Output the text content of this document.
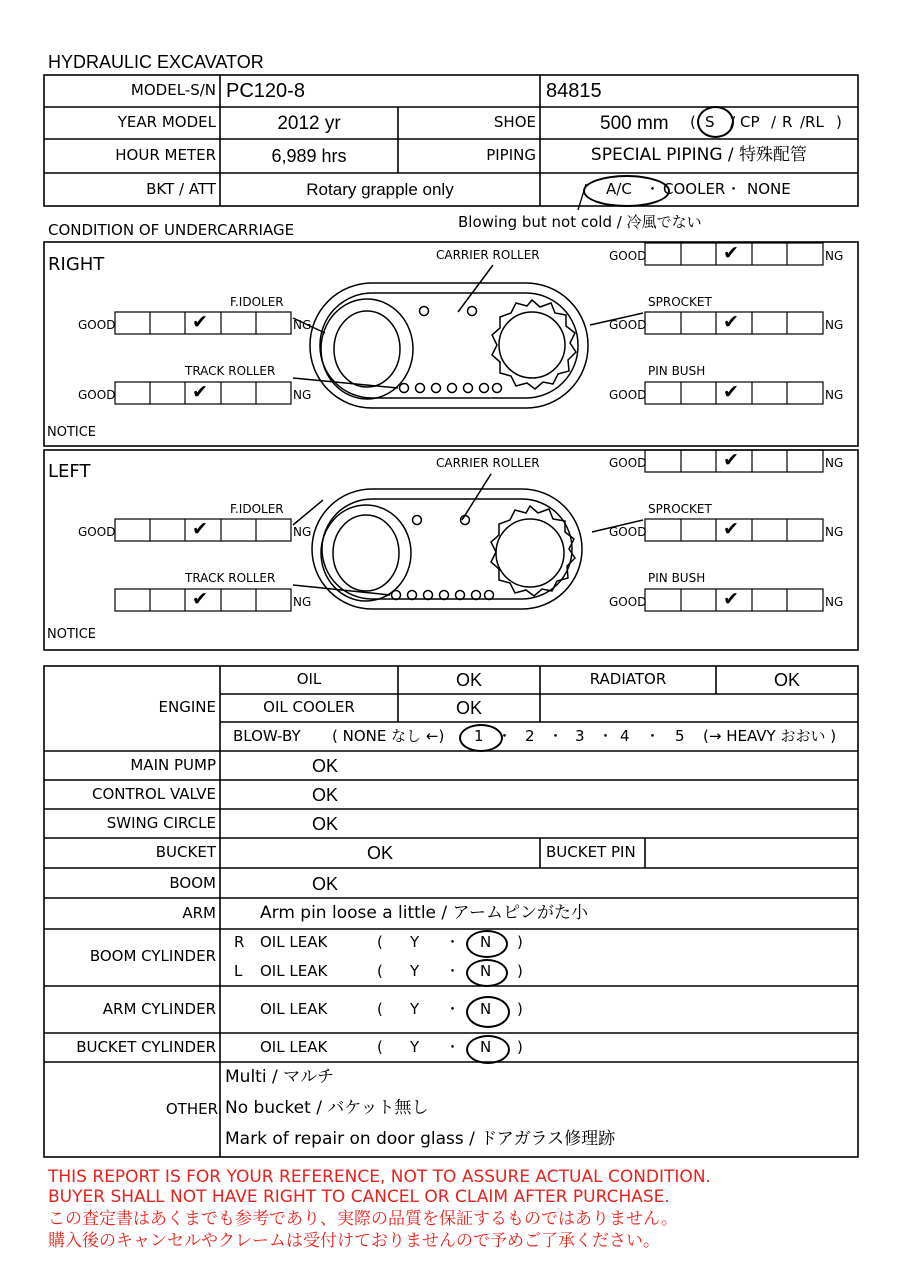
HYDRAULIC EXCAVATOR
MODEL-S/N PC120-8	84815
YEAR MODEL	2012 yr	SHOE	500 mm ( S / CP / R /RL )
HOUR METER	6,989 hrs	PIPING	SPECIAL PIPING / 特殊配管
BKT / ATT	Rotary grapple only	A/C ・ COOLER ・ NONE
Blowing but not cold / 冷風でない
CONDITION OF UNDERCARRIAGE
RIGHT	CARRIER ROLLER
F.IDOLER
TRACK ROLLER
SPROCKET
PIN BUSH
GOOD	NG
✔
GOOD	NG
✔	GOOD	NG
✔
GOOD	NG
✔	GOOD	NG
✔
NOTICE
LEFT	CARRIER ROLLER
F.IDOLER
TRACK ROLLER
SPROCKET
PIN BUSH
GOOD	NG
✔
GOOD	NG
✔	GOOD	NG
✔
NG
✔	GOOD	NG
✔
NOTICE
ENGINE
OIL	OK	RADIATOR	OK
OIL COOLER	OK
BLOW-BY ( NONE なし ←) 1 ・ 2 ・ 3 ・ 4 ・ 5 (→ HEAVY おおい )
MAIN PUMP	OK
CONTROL VALVE	OK
SWING CIRCLE	OK
BUCKET	OK	BUCKET PIN
BOOM	OK
ARM	Arm pin loose a little / アームピンがた小
BOOM CYLINDER
R OIL LEAK	( Y ・ N )
L OIL LEAK	( Y ・ N )
ARM CYLINDER	OIL LEAK	( Y ・ N )
BUCKET CYLINDER	OIL LEAK	( Y ・ N )
OTHER
Multi / マルチ
No bucket / バケット無し
Mark of repair on door glass / ドアガラス修理跡
THIS REPORT IS FOR YOUR REFERENCE, NOT TO ASSURE ACTUAL CONDITION.
BUYER SHALL NOT HAVE RIGHT TO CANCEL OR CLAIM AFTER PURCHASE.
この査定書はあくまでも参考であり、実際の品質を保証するものではありません。
購入後のキャンセルやクレームは受付けておりませんので予めご了承ください。
